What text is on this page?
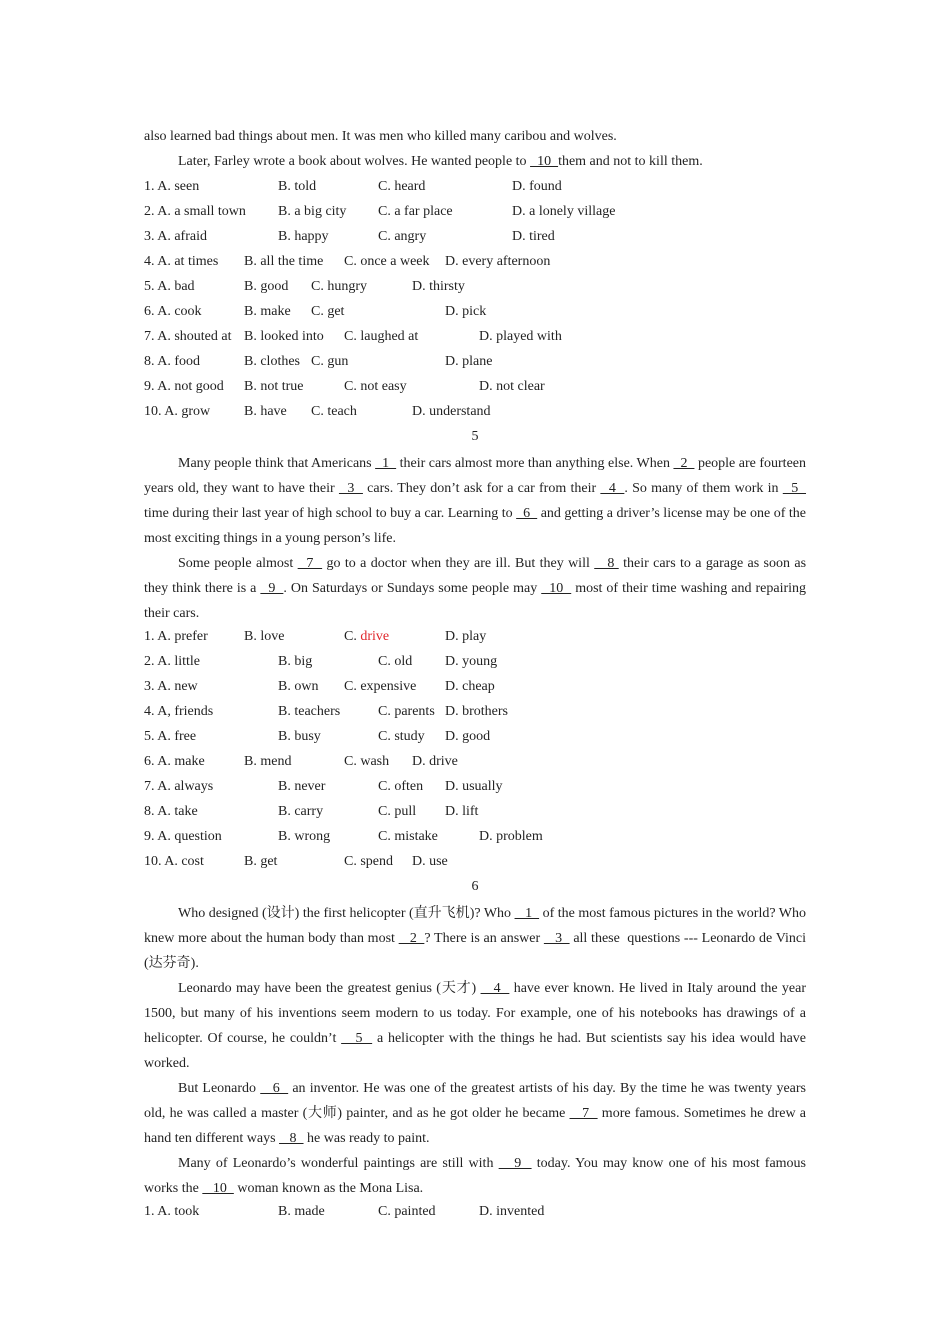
also learned bad things about men. It was men who killed many caribou and wolves.
Later, Farley wrote a book about wolves. He wanted people to   10  them and not to kill them.
1. A. seen	B. told	C. heard	D. found
2. A. a small town B. a big city C. a far place	D. a lonely village
3. A. afraid	B. happy	C. angry	D. tired
4. A. at times B. all the time C. once a week D. every afternoon
5. A. bad	B. good C. hungry	D. thirsty
6. A. cook	B. make C. get	D. pick
7. A. shouted at B. looked into C. laughed at	D. played with
8. A. food	B. clothes C. gun	D. plane
9. A. not good B. not true	C. not easy	D. not clear
10. A. grow B. have C. teach	D. understand
5

Many people think that Americans   1   their cars almost more than anything else. When   2   people are fourteen years old, they want to have their   3   cars. They don’t ask for a car from their   4  . So many of them work in   5   time during their last year of high school to buy a car. Learning to   6   and getting a driver’s license may be one of the most exciting things in a young person’s life.

Some people almost   7   go to a doctor when they are ill. But they will    8  their cars to a garage as soon as they think there is a   9  . On Saturdays or Sundays some people may   10   most of their time washing and repairing their cars.

1. A. prefer	B. love	C. drive	D. play
2. A. little	B. big	C. old D. young
3. A. new	B. own C. expensive D. cheap
4. A, friends	B. teachers	C. parents D. brothers
5. A. free	B. busy	C. study D. good
6. A. make	B. mend	C. wash D. drive
7. A. always	B. never	C. often D. usually
8. A. take	B. carry	C. pull D. lift
9. A. question	B. wrong	C. mistake	D. problem
10. A. cost	B. get	C. spend D. use
6

Who designed (设计) the first helicopter (直升飞机)? Who    1   of the most famous pictures in the world? Who knew more about the human body than most    2  ? There is an answer    3   all these  questions --- Leonardo de Vinci (达芬奇).

Leonardo may have been the greatest genius (天才)    4   have ever known. He lived in Italy around the year 1500, but many of his inventions seem modern to us today. For example, one of his notebooks has drawings of a helicopter. Of course, he couldn’t    5   a helicopter with the things he had. But scientists say his idea would have worked.

But Leonardo    6   an inventor. He was one of the greatest artists of his day. By the time he was twenty years old, he was called a master (大师) painter, and as he got older he became    7   more famous. Sometimes he drew a hand ten different ways    8   he was ready to paint.

Many of Leonardo’s wonderful paintings are still with    9   today. You may know one of his most famous works the    10   woman known as the Mona Lisa.

1. A. took	B. made	C. painted	D. invented
